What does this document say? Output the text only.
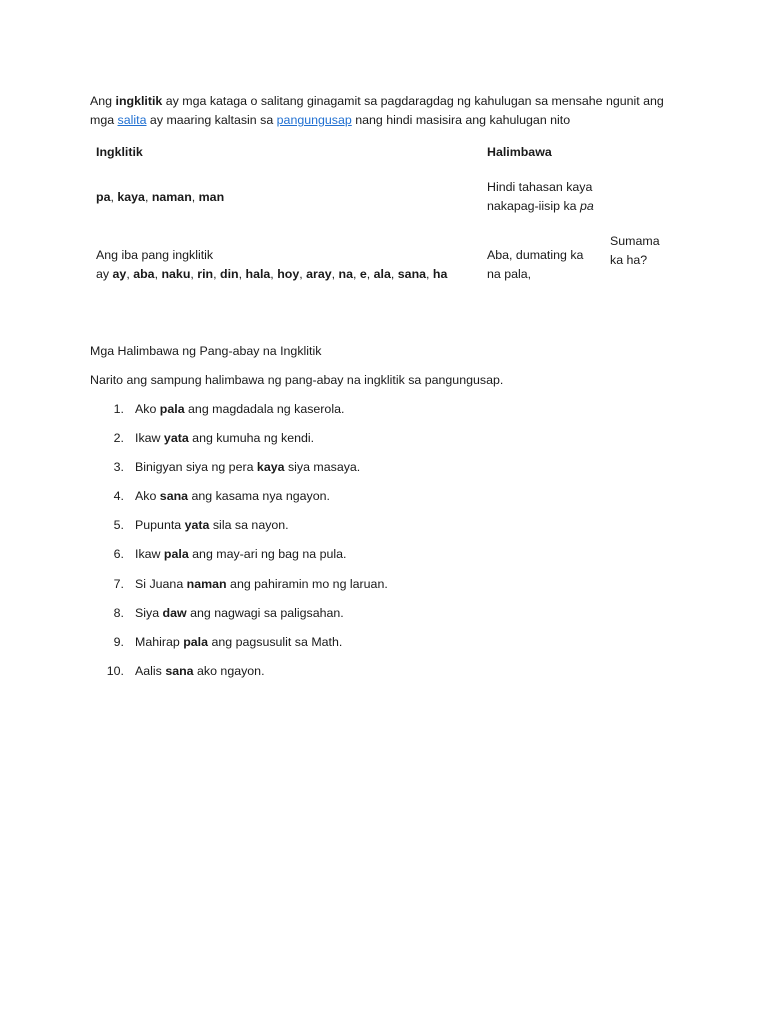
Ang ingklitik ay mga kataga o salitang ginagamit sa pagdaragdag ng kahulugan sa mensahe ngunit ang mga salita ay maaring kaltasin sa pangungusap nang hindi masisira ang kahulugan nito

Ingklitik	Halimbawa
pa, kaya, naman, man
Hindi tahasan kaya
nakapag-iisip ka pa
Ang iba pang ingklitik
ay ay, aba, naku, rin, din, hala, hoy, aray, na, e, ala, sana, ha
Aba, dumating ka
na pala,
Sumama
ka ha?
Mga Halimbawa ng Pang-abay na Ingklitik
Narito ang sampung halimbawa ng pang-abay na ingklitik sa pangungusap.
1. Ako pala ang magdadala ng kaserola.
2. Ikaw yata ang kumuha ng kendi.
3. Binigyan siya ng pera kaya siya masaya.
4. Ako sana ang kasama nya ngayon.
5. Pupunta yata sila sa nayon.
6. Ikaw pala ang may-ari ng bag na pula.
7. Si Juana naman ang pahiramin mo ng laruan.
8. Siya daw ang nagwagi sa paligsahan.
9. Mahirap pala ang pagsusulit sa Math.
10. Aalis sana ako ngayon.
